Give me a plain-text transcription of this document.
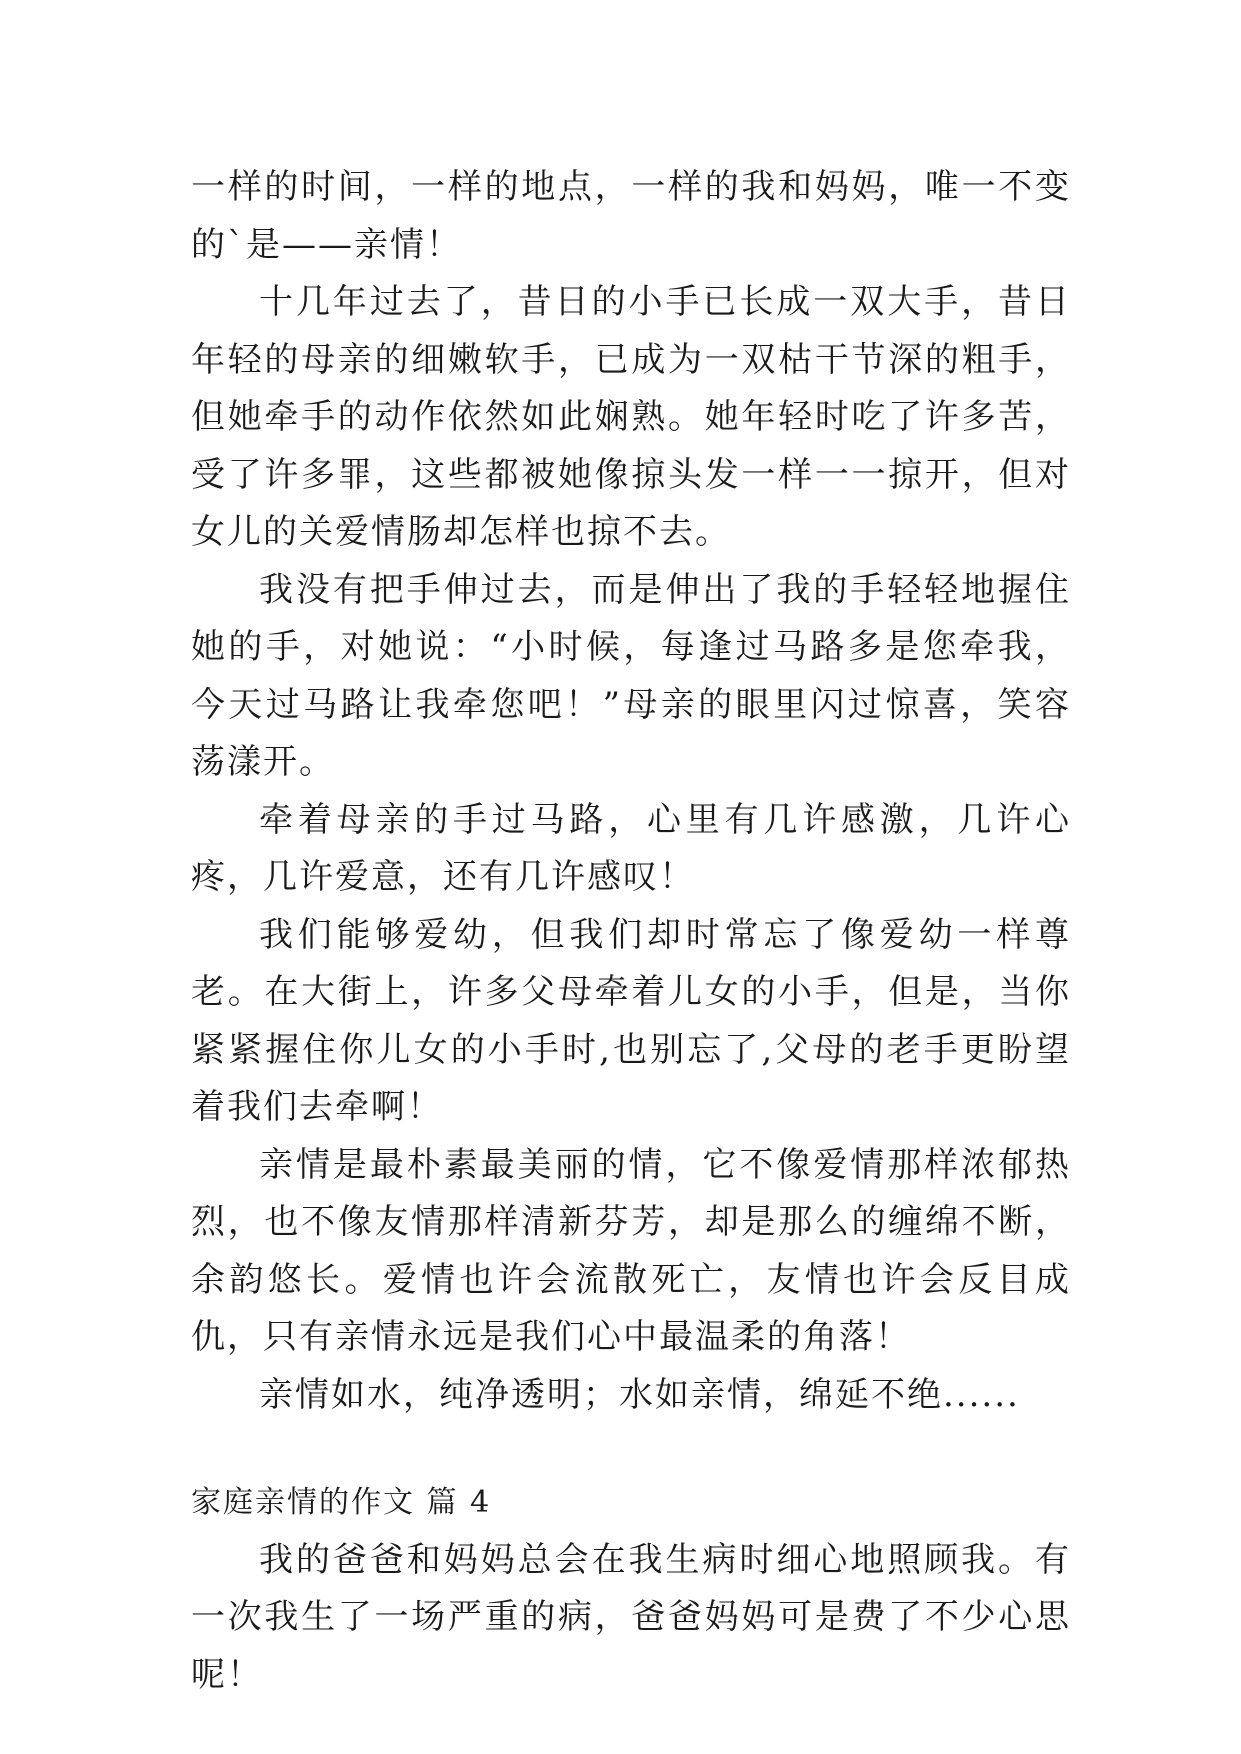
一样的时间，一样的地点，一样的我和妈妈，唯一不变的`是——亲情！

十几年过去了，昔日的小手已长成一双大手，昔日年轻的母亲的细嫩软手，已成为一双枯干节深的粗手，但她牵手的动作依然如此娴熟。她年轻时吃了许多苦，受了许多罪，这些都被她像掠头发一样一一掠开，但对女儿的关爱情肠却怎样也掠不去。

我没有把手伸过去，而是伸出了我的手轻轻地握住她的手，对她说：“小时候，每逢过马路多是您牵我，今天过马路让我牵您吧！”母亲的眼里闪过惊喜，笑容荡漾开。

牵着母亲的手过马路，心里有几许感激，几许心疼，几许爱意，还有几许感叹！

我们能够爱幼，但我们却时常忘了像爱幼一样尊老。在大街上，许多父母牵着儿女的小手，但是，当你紧紧握住你儿女的小手时,也别忘了,父母的老手更盼望着我们去牵啊！

亲情是最朴素最美丽的情，它不像爱情那样浓郁热烈，也不像友情那样清新芬芳，却是那么的缠绵不断，余韵悠长。爱情也许会流散死亡，友情也许会反目成仇，只有亲情永远是我们心中最温柔的角落！

亲情如水，纯净透明；水如亲情，绵延不绝......

家庭亲情的作文 篇 4

我的爸爸和妈妈总会在我生病时细心地照顾我。有一次我生了一场严重的病，爸爸妈妈可是费了不少心思呢！
